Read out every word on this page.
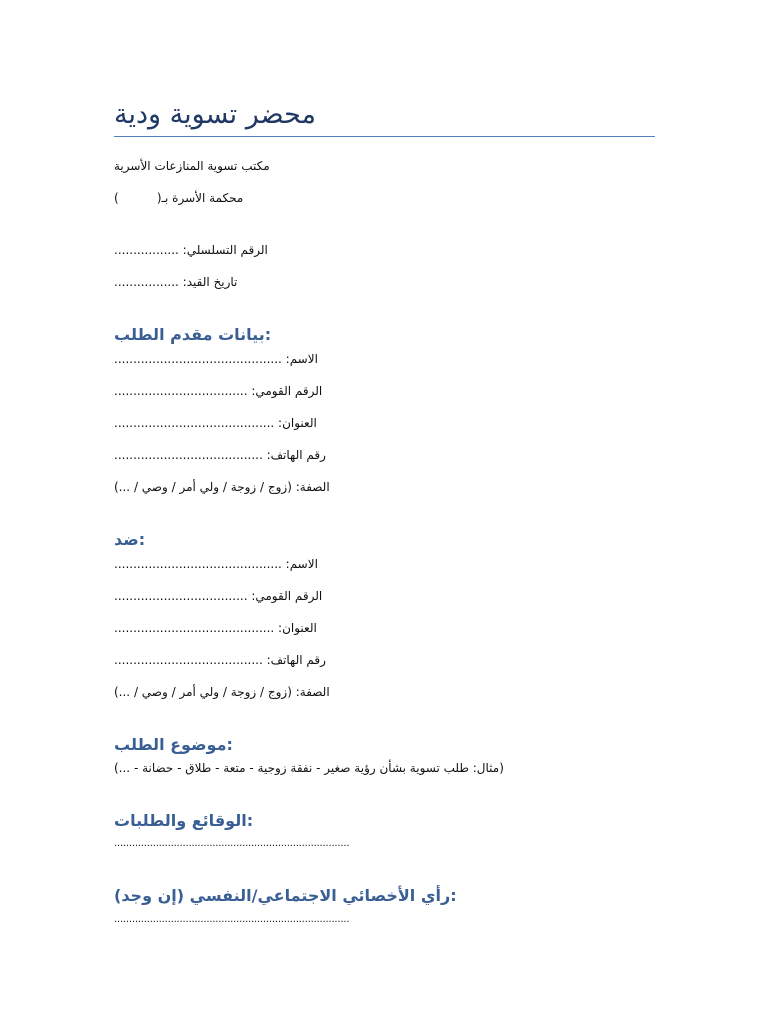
محضر تسوية ودية
مكتب تسوية المنازعات الأسرية
محكمة الأسرة بـ(          )
الرقم التسلسلي: .................
تاريخ القيد: .................
بيانات مقدم الطلب:
الاسم: ............................................
الرقم القومي: ...................................
العنوان: ..........................................
رقم الهاتف: .......................................
الصفة: (زوج / زوجة / ولي أمر / وصي / ...)
ضد:
الاسم: ............................................
الرقم القومي: ...................................
العنوان: ..........................................
رقم الهاتف: .......................................
الصفة: (زوج / زوجة / ولي أمر / وصي / ...)
موضوع الطلب:
(مثال: طلب تسوية بشأن رؤية صغير - نفقة زوجية - متعة - طلاق - حضانة - ...)
الوقائع والطلبات:
...............................................................................
رأي الأخصائي الاجتماعي/النفسي (إن وجد):
...............................................................................
